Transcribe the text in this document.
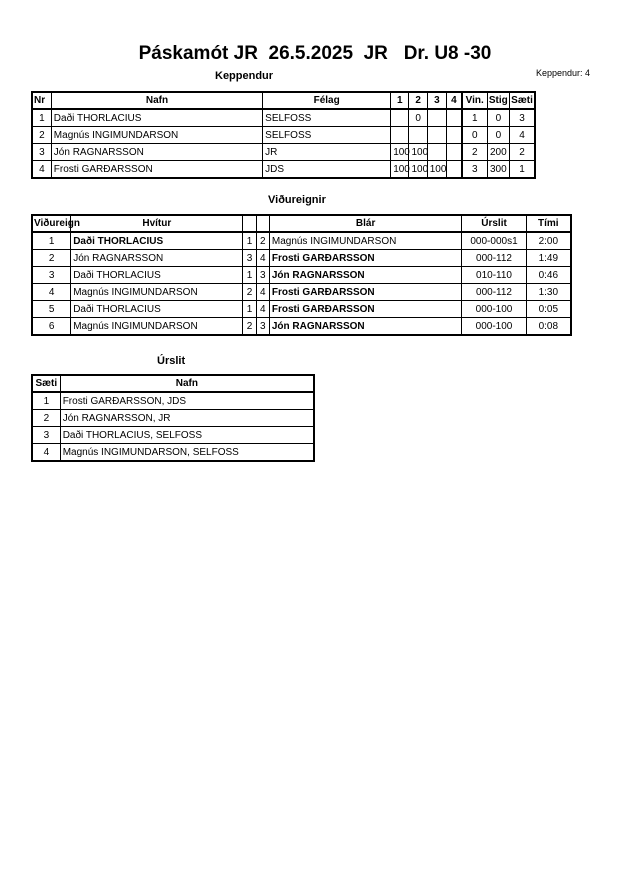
Páskamót JR  26.5.2025  JR   Dr. U8 -30
Keppendur	Keppendur: 4
Nr	Nafn	Félag	1	2	3	4	Vin.	Stig	Sæti
1	Daði THORLACIUS	SELFOSS		0			1	0	3
2	Magnús INGIMUNDARSON	SELFOSS					0	0	4
3	Jón RAGNARSSON	JR	100	100			2	200	2
4	Frosti GARÐARSSON	JDS	100	100	100		3	300	1
Viðureignir
Viðureign	Hvítur			Blár	Úrslit	Tími
1	Daði THORLACIUS	1	2	Magnús INGIMUNDARSON	000-000s1	2:00
2	Jón RAGNARSSON	3	4	Frosti GARÐARSSON	000-112	1:49
3	Daði THORLACIUS	1	3	Jón RAGNARSSON	010-110	0:46
4	Magnús INGIMUNDARSON	2	4	Frosti GARÐARSSON	000-112	1:30
5	Daði THORLACIUS	1	4	Frosti GARÐARSSON	000-100	0:05
6	Magnús INGIMUNDARSON	2	3	Jón RAGNARSSON	000-100	0:08
Úrslit
Sæti	Nafn
1	Frosti GARÐARSSON, JDS
2	Jón RAGNARSSON, JR
3	Daði THORLACIUS, SELFOSS
4	Magnús INGIMUNDARSON, SELFOSS
